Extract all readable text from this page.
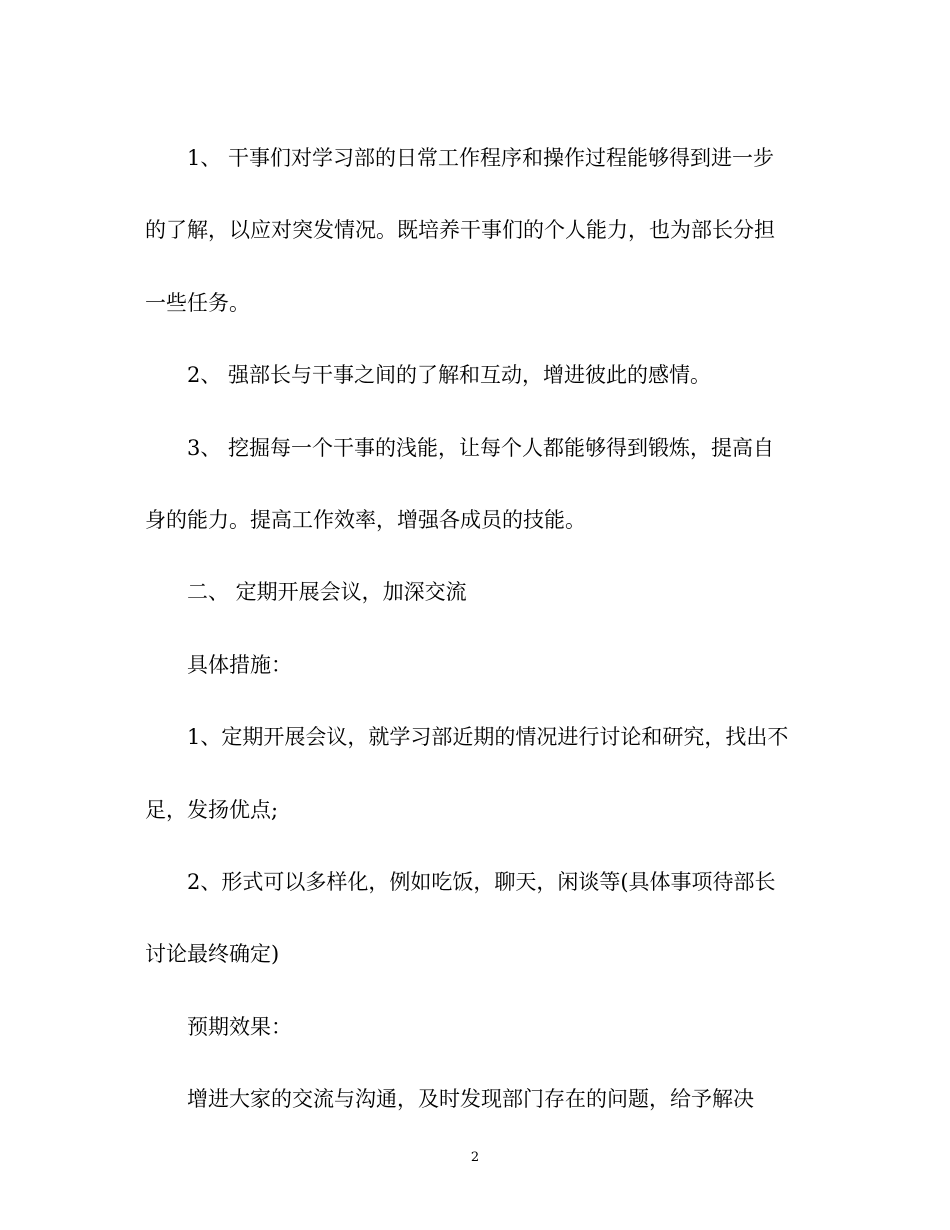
1、 干事们对学习部的日常工作程序和操作过程能够得到进一步
的了解，以应对突发情况。既培养干事们的个人能力，也为部长分担
一些任务。

2、 强部长与干事之间的了解和互动，增进彼此的感情。

3、 挖掘每一个干事的浅能，让每个人都能够得到锻炼，提高自
身的能力。提高工作效率，增强各成员的技能。

二、 定期开展会议，加深交流

具体措施：

1、定期开展会议，就学习部近期的情况进行讨论和研究，找出不
足，发扬优点;

2、形式可以多样化，例如吃饭，聊天，闲谈等(具体事项待部长
讨论最终确定)

预期效果：

增进大家的交流与沟通，及时发现部门存在的问题，给予解决

2
